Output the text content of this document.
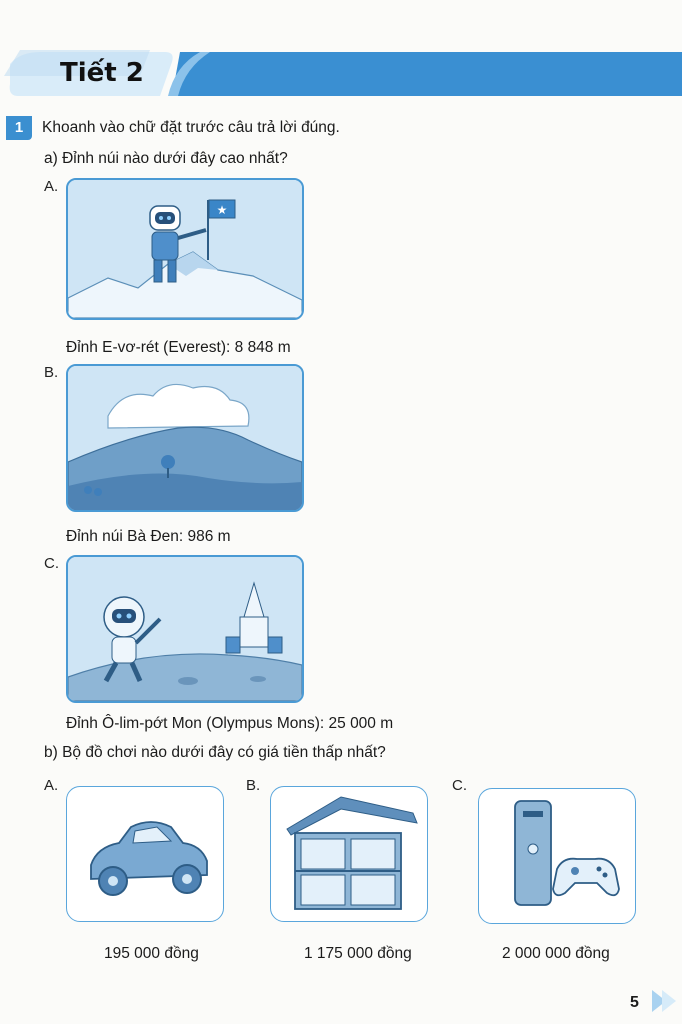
Tiết 2
1	Khoanh vào chữ đặt trước câu trả lời đúng.
a) Đỉnh núi nào dưới đây cao nhất?
A.
★
Đỉnh E-vơ-rét (Everest): 8 848 m
B.
Đỉnh núi Bà Đen: 986 m
C.
Đỉnh Ô-lim-pớt Mon (Olympus Mons): 25 000 m
b) Bộ đồ chơi nào dưới đây có giá tiền thấp nhất?
A.
195 000 đồng
B.
1 175 000 đồng
C.
2 000 000 đồng
5
